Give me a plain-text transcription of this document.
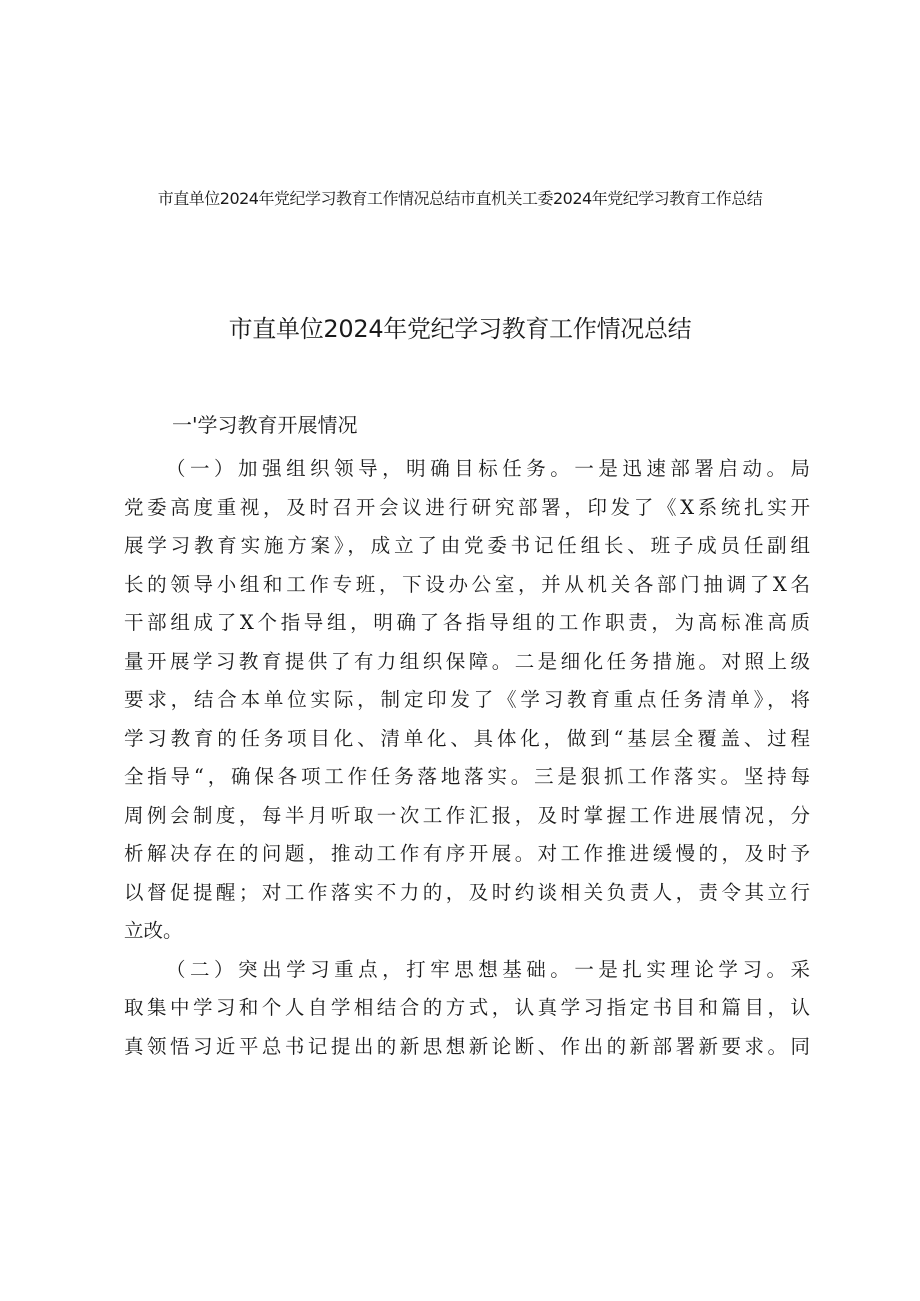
市直单位2024年党纪学习教育工作情况总结市直机关工委2024年党纪学习教育工作总结
市直单位2024年党纪学习教育工作情况总结
一'学习教育开展情况
（一）加强组织领导，明确目标任务。一是迅速部署启动。局
党委高度重视，及时召开会议进行研究部署，印发了《X系统扎实开
展学习教育实施方案》，成立了由党委书记任组长、班子成员任副组
长的领导小组和工作专班，下设办公室，并从机关各部门抽调了X名
干部组成了X个指导组，明确了各指导组的工作职责，为高标准高质
量开展学习教育提供了有力组织保障。二是细化任务措施。对照上级
要求，结合本单位实际，制定印发了《学习教育重点任务清单》，将
学习教育的任务项目化、清单化、具体化，做到“基层全覆盖、过程
全指导“，确保各项工作任务落地落实。三是狠抓工作落实。坚持每
周例会制度，每半月听取一次工作汇报，及时掌握工作进展情况，分
析解决存在的问题，推动工作有序开展。对工作推进缓慢的，及时予
以督促提醒；对工作落实不力的，及时约谈相关负责人，责令其立行
立改。
（二）突出学习重点，打牢思想基础。一是扎实理论学习。采
取集中学习和个人自学相结合的方式，认真学习指定书目和篇目，认
真领悟习近平总书记提出的新思想新论断、作出的新部署新要求。同
